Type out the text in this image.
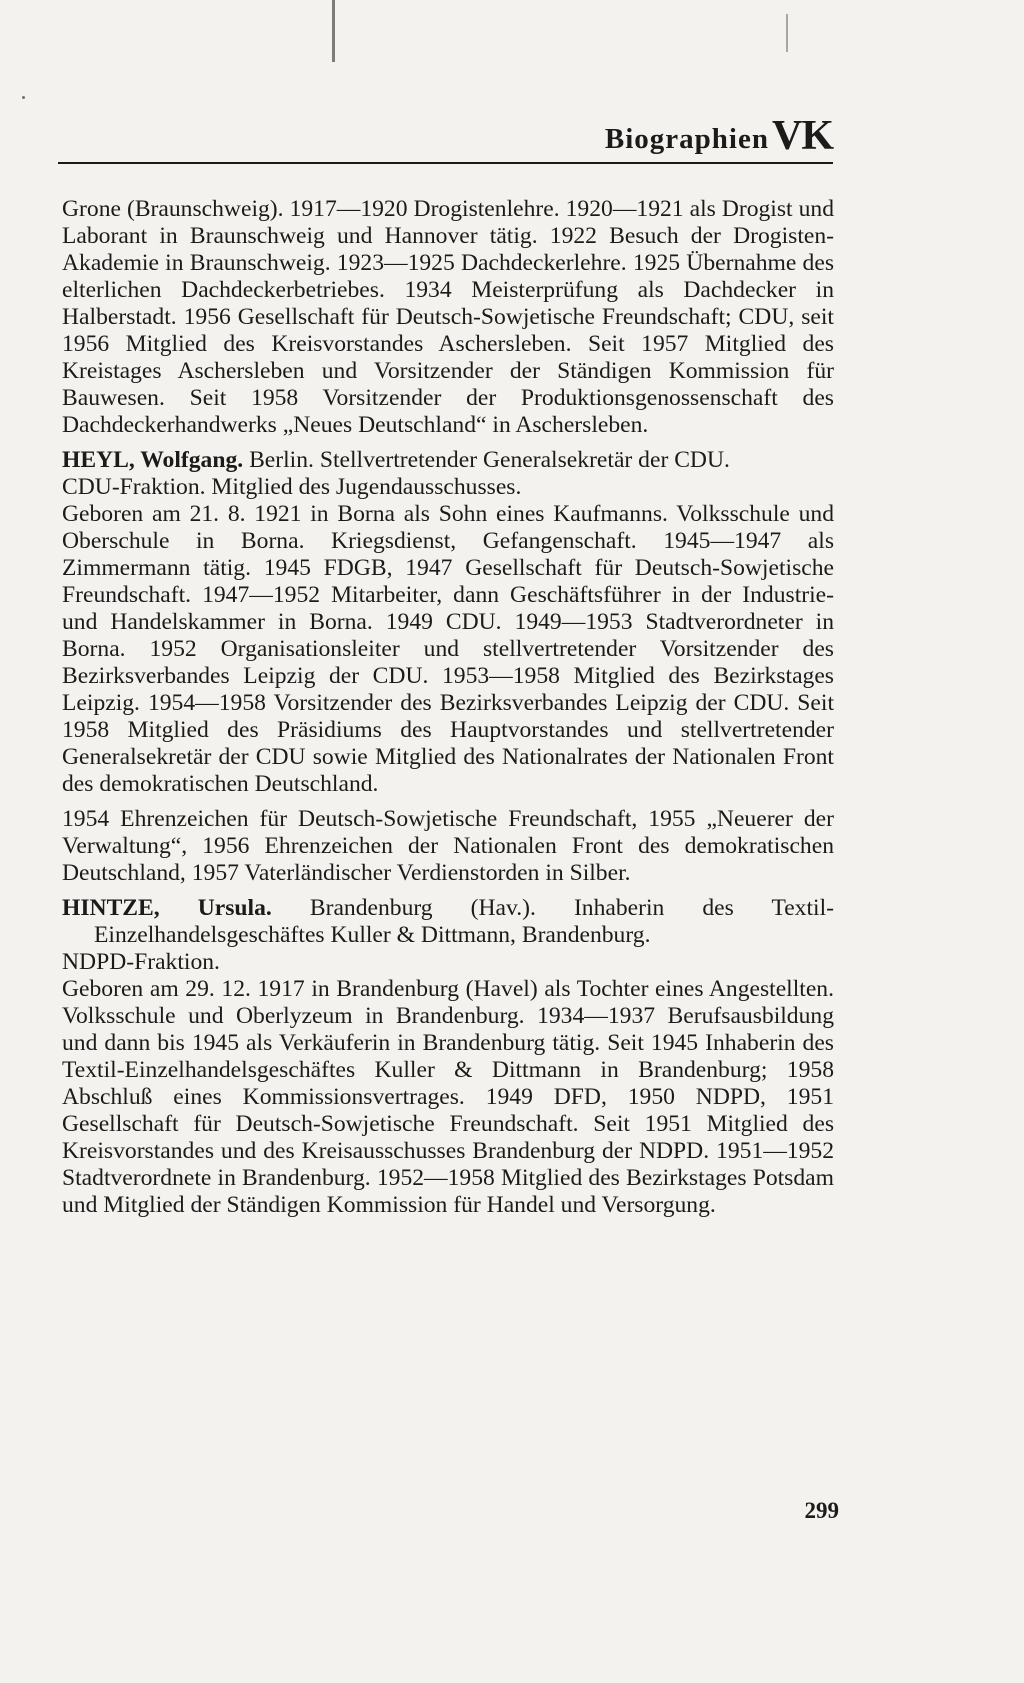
Biographien VK

Grone (Braunschweig). 1917—1920 Drogistenlehre. 1920—1921 als Drogist und Laborant in Braunschweig und Hannover tätig. 1922 Besuch der Drogisten-Akademie in Braunschweig. 1923—1925 Dachdeckerlehre. 1925 Übernahme des elterlichen Dachdeckerbetriebes. 1934 Meisterprüfung als Dachdecker in Halberstadt. 1956 Gesellschaft für Deutsch-Sowjetische Freundschaft; CDU, seit 1956 Mitglied des Kreisvorstandes Aschersleben. Seit 1957 Mitglied des Kreistages Aschersleben und Vorsitzender der Ständigen Kommission für Bauwesen. Seit 1958 Vorsitzender der Produktionsgenossenschaft des Dachdeckerhandwerks „Neues Deutschland“ in Aschersleben.

HEYL, Wolfgang. Berlin. Stellvertretender Generalsekretär der CDU.
CDU-Fraktion. Mitglied des Jugendausschusses.

Geboren am 21. 8. 1921 in Borna als Sohn eines Kaufmanns. Volksschule und Oberschule in Borna. Kriegsdienst, Gefangenschaft. 1945—1947 als Zimmermann tätig. 1945 FDGB, 1947 Gesellschaft für Deutsch-Sowjetische Freundschaft. 1947—1952 Mitarbeiter, dann Geschäftsführer in der Industrie- und Handelskammer in Borna. 1949 CDU. 1949—1953 Stadtverordneter in Borna. 1952 Organisationsleiter und stellvertretender Vorsitzender des Bezirksverbandes Leipzig der CDU. 1953—1958 Mitglied des Bezirkstages Leipzig. 1954—1958 Vorsitzender des Bezirksverbandes Leipzig der CDU. Seit 1958 Mitglied des Präsidiums des Hauptvorstandes und stellvertretender Generalsekretär der CDU sowie Mitglied des Nationalrates der Nationalen Front des demokratischen Deutschland.

1954 Ehrenzeichen für Deutsch-Sowjetische Freundschaft, 1955 „Neuerer der Verwaltung“, 1956 Ehrenzeichen der Nationalen Front des demokratischen Deutschland, 1957 Vaterländischer Verdienstorden in Silber.

HINTZE, Ursula. Brandenburg (Hav.). Inhaberin des Textil-Einzelhandelsgeschäftes Kuller & Dittmann, Brandenburg.
NDPD-Fraktion.

Geboren am 29. 12. 1917 in Brandenburg (Havel) als Tochter eines Angestellten. Volksschule und Oberlyzeum in Brandenburg. 1934—1937 Berufsausbildung und dann bis 1945 als Verkäuferin in Brandenburg tätig. Seit 1945 Inhaberin des Textil-Einzelhandelsgeschäftes Kuller & Dittmann in Brandenburg; 1958 Abschluß eines Kommissionsvertrages. 1949 DFD, 1950 NDPD, 1951 Gesellschaft für Deutsch-Sowjetische Freundschaft. Seit 1951 Mitglied des Kreisvorstandes und des Kreisausschusses Brandenburg der NDPD. 1951—1952 Stadtverordnete in Brandenburg. 1952—1958 Mitglied des Bezirkstages Potsdam und Mitglied der Ständigen Kommission für Handel und Versorgung.

299
